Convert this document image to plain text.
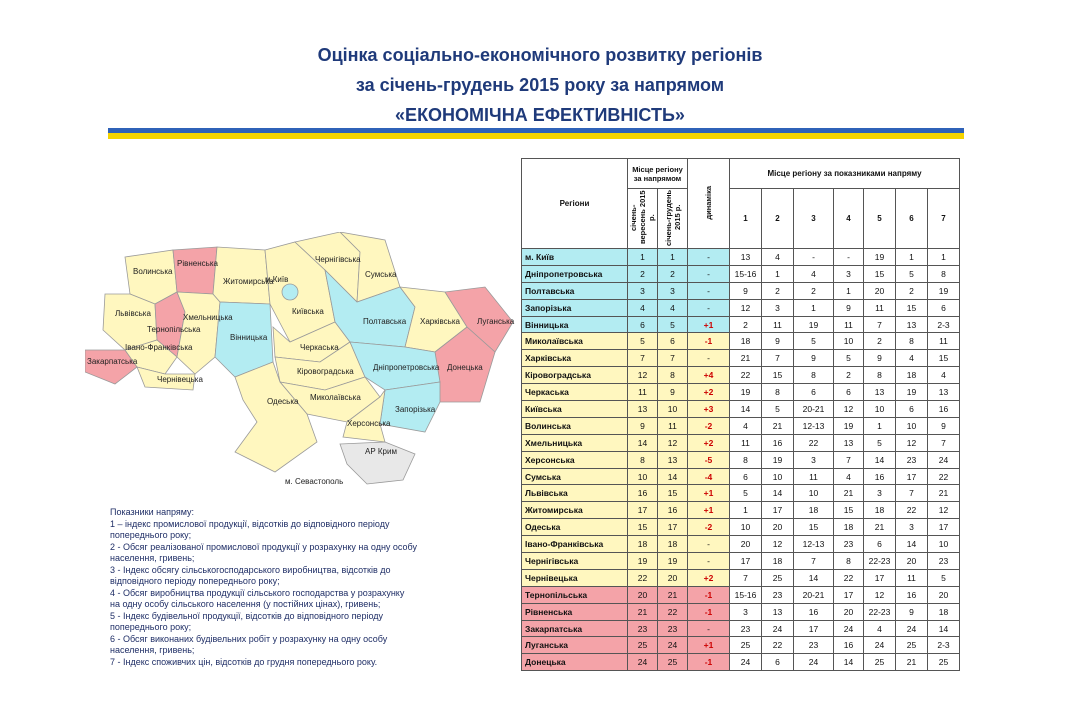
Оцінка соціально-економічного розвитку регіонів
за січень-грудень 2015 року за напрямом
«ЕКОНОМІЧНА ЕФЕКТИВНІСТЬ»
Волинська
Рівненська
Житомирська
Київська
м.Київ
Чернігівська
Сумська
Полтавська Харківська Луганська
Донецька
Запорізька
Дніпропетровська
Кіровоградська
Черкаська
Вінницька
Хмельницька
Тернопільська
Львівська
Закарпатська
Івано-Франківська
Чернівецька
Одеська Миколаївська
Херсонська
АР Крим
м. Севастополь
Показники напряму:
1 – індекс промислової продукції, відсотків до відповідного періоду
попереднього року;
2 - Обсяг реалізованої промислової продукції у розрахунку на одну особу
населення, гривень;
3 - Індекс обсягу сільськогосподарського виробництва, відсотків до
відповідного періоду попереднього року;
4 - Обсяг виробництва продукції сільського господарства у розрахунку
на одну особу сільського населення (у постійних цінах), гривень;
5 - Індекс будівельної продукції, відсотків до відповідного періоду
попереднього року;
6 - Обсяг виконаних будівельних робіт у розрахунку на одну особу
населення, гривень;
7 - Індекс споживчих цін, відсотків до грудня попереднього року.
Регіони	Місце регіону за напрямом		динаміка	Місце регіону за показниками напряму						
	січень-вересень 2015 р.	січень-грудень 2015 р.		1	2	3	4	5	6	7
м. Київ	1	1	-	13	4	-	-	19	1	1
Дніпропетровська	2	2	-	15-16	1	4	3	15	5	8
Полтавська	3	3	-	9	2	2	1	20	2	19
Запорізька	4	4	-	12	3	1	9	11	15	6
Вінницька	6	5	+1	2	11	19	11	7	13	2-3
Миколаївська	5	6	-1	18	9	5	10	2	8	11
Харківська	7	7	-	21	7	9	5	9	4	15
Кіровоградська	12	8	+4	22	15	8	2	8	18	4
Черкаська	11	9	+2	19	8	6	6	13	19	13
Київська	13	10	+3	14	5	20-21	12	10	6	16
Волинська	9	11	-2	4	21	12-13	19	1	10	9
Хмельницька	14	12	+2	11	16	22	13	5	12	7
Херсонська	8	13	-5	8	19	3	7	14	23	24
Сумська	10	14	-4	6	10	11	4	16	17	22
Львівська	16	15	+1	5	14	10	21	3	7	21
Житомирська	17	16	+1	1	17	18	15	18	22	12
Одеська	15	17	-2	10	20	15	18	21	3	17
Івано-Франківська	18	18	-	20	12	12-13	23	6	14	10
Чернігівська	19	19	-	17	18	7	8	22-23	20	23
Чернівецька	22	20	+2	7	25	14	22	17	11	5
Тернопільська	20	21	-1	15-16	23	20-21	17	12	16	20
Рівненська	21	22	-1	3	13	16	20	22-23	9	18
Закарпатська	23	23	-	23	24	17	24	4	24	14
Луганська	25	24	+1	25	22	23	16	24	25	2-3
Донецька	24	25	-1	24	6	24	14	25	21	25
